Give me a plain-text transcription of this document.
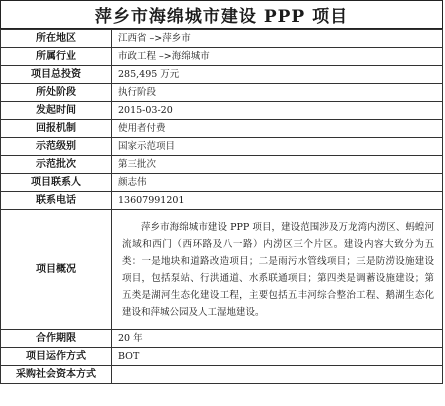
萍乡市海绵城市建设 PPP 项目
所在地区	江西省 –>萍乡市
所属行业	市政工程 –>海绵城市
项目总投资	285,495 万元
所处阶段	执行阶段
发起时间	2015-03-20
回报机制	使用者付费
示范级别	国家示范项目
示范批次	第三批次
项目联系人	颜志伟
联系电话	13607991201
项目概况	萍乡市海绵城市建设 PPP 项目，建设范围涉及万龙湾内涝区、蚂蝗河流域和西门（西环路及八一路）内涝区三个片区。建设内容大致分为五类：一是地块和道路改造项目；二是雨污水管线项目；三是防涝设施建设项目，包括泵站、行洪通道、水系联通项目；第四类是调蓄设施建设；第五类是湖河生态化建设工程，主要包括五丰河综合整治工程、鹅湖生态化建设和萍城公园及人工湿地建设。
合作期限	20 年
项目运作方式	BOT
采购社会资本方式	
